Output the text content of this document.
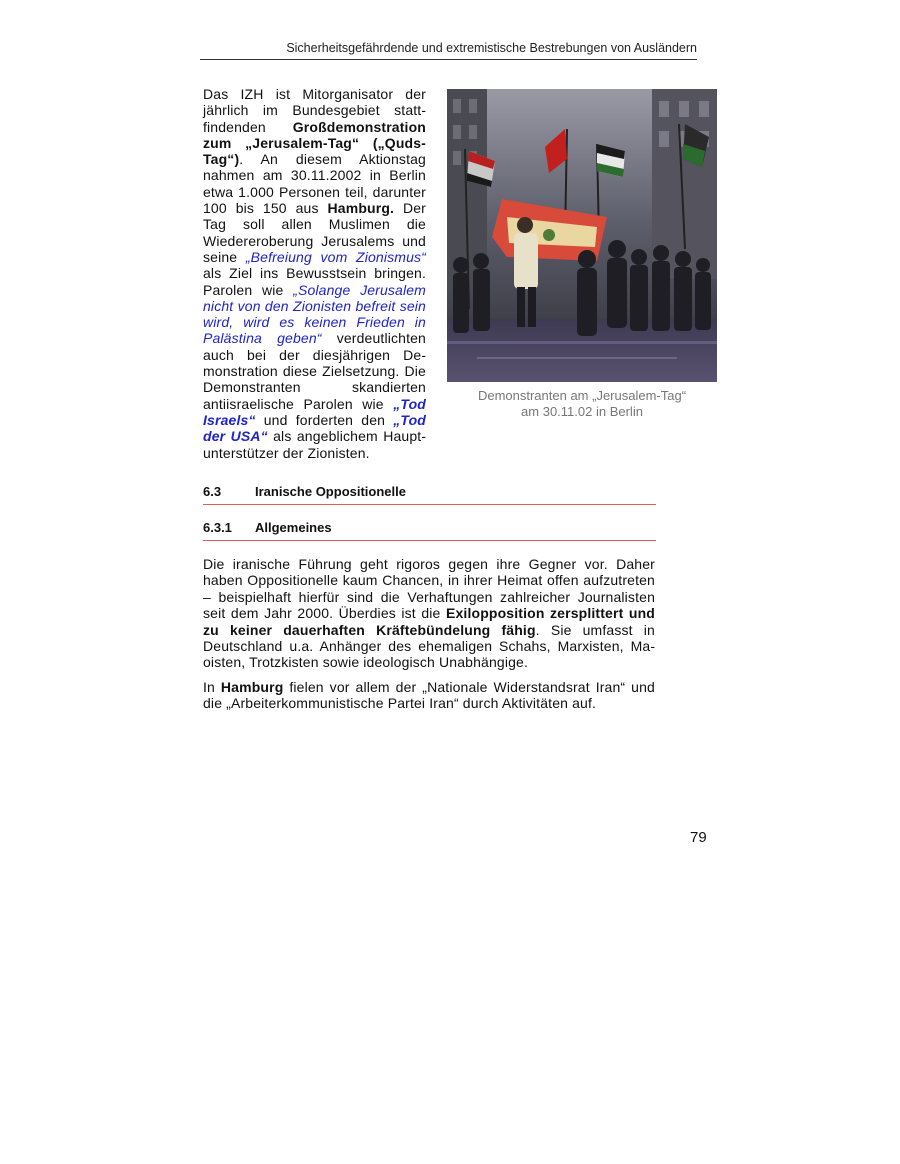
Sicherheitsgefährdende und extremistische Bestrebungen von Ausländern
Das IZH ist Mitorganisator der jährlich im Bundesgebiet stattfindenden Großdemonstration zum „Jerusalem-Tag“ („Quds-Tag“). An diesem Aktionstag nahmen am 30.11.2002 in Berlin etwa 1.000 Personen teil, darunter 100 bis 150 aus Hamburg. Der Tag soll allen Muslimen die Wiedereroberung Jerusalems und seine „Befreiung vom Zionismus“ als Ziel ins Bewusstsein bringen. Parolen wie „Solange Jerusalem nicht von den Zionisten befreit sein wird, wird es keinen Frieden in Palästina geben“ verdeutlichten auch bei der diesjährigen Demonstration diese Zielsetzung. Die Demonstranten skandierten antiisraelische Parolen wie „Tod Israels“ und forderten den „Tod der USA“ als angeblichem Hauptunterstützer der Zionisten.
Demonstranten am „Jerusalem-Tag“
am 30.11.02 in Berlin
6.3	Iranische Oppositionelle
6.3.1 Allgemeines
Die iranische Führung geht rigoros gegen ihre Gegner vor. Daher haben Oppositionelle kaum Chancen, in ihrer Heimat offen aufzutreten – beispielhaft hierfür sind die Verhaftungen zahlreicher Journalisten seit dem Jahr 2000. Überdies ist die Exilopposition zersplittert und zu keiner dauerhaften Kräftebündelung fähig. Sie umfasst in Deutschland u.a. Anhänger des ehemaligen Schahs, Marxisten, Maoisten, Trotzkisten sowie ideologisch Unabhängige.
In Hamburg fielen vor allem der „Nationale Widerstandsrat Iran“ und die „Arbeiterkommunistische Partei Iran“ durch Aktivitäten auf.
79
